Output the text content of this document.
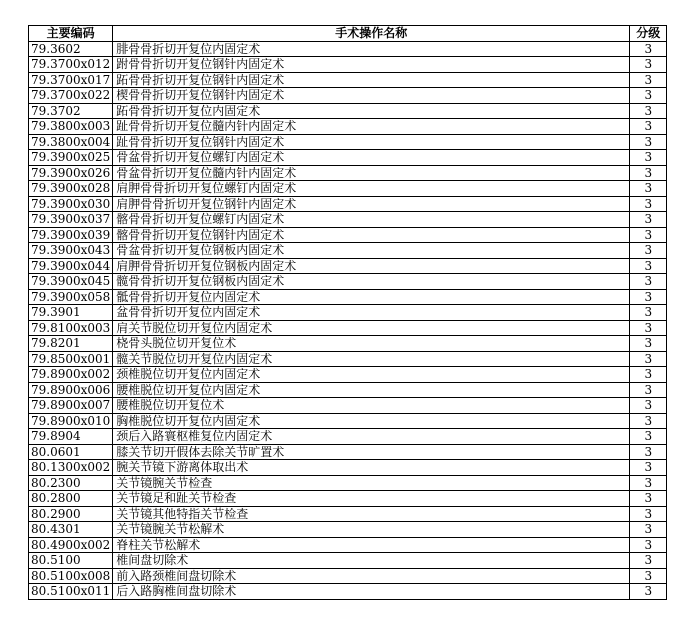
主要编码	手术操作名称	分级
79.3602	腓骨骨折切开复位内固定术	3
79.3700x012	跗骨骨折切开复位钢针内固定术	3
79.3700x017	跖骨骨折切开复位钢针内固定术	3
79.3700x022	楔骨骨折切开复位钢针内固定术	3
79.3702	跖骨骨折切开复位内固定术	3
79.3800x003	趾骨骨折切开复位髓内针内固定术	3
79.3800x004	趾骨骨折切开复位钢针内固定术	3
79.3900x025	骨盆骨折切开复位螺钉内固定术	3
79.3900x026	骨盆骨折切开复位髓内针内固定术	3
79.3900x028	肩胛骨骨折切开复位螺钉内固定术	3
79.3900x030	肩胛骨骨折切开复位钢针内固定术	3
79.3900x037	髂骨骨折切开复位螺钉内固定术	3
79.3900x039	髂骨骨折切开复位钢针内固定术	3
79.3900x043	骨盆骨折切开复位钢板内固定术	3
79.3900x044	肩胛骨骨折切开复位钢板内固定术	3
79.3900x045	髋骨骨折切开复位钢板内固定术	3
79.3900x058	骶骨骨折切开复位内固定术	3
79.3901	盆骨骨折切开复位内固定术	3
79.8100x003	肩关节脱位切开复位内固定术	3
79.8201	桡骨头脱位切开复位术	3
79.8500x001	髋关节脱位切开复位内固定术	3
79.8900x002	颈椎脱位切开复位内固定术	3
79.8900x006	腰椎脱位切开复位内固定术	3
79.8900x007	腰椎脱位切开复位术	3
79.8900x010	胸椎脱位切开复位内固定术	3
79.8904	颈后入路寰枢椎复位内固定术	3
80.0601	膝关节切开假体去除关节旷置术	3
80.1300x002	腕关节镜下游离体取出术	3
80.2300	关节镜腕关节检查	3
80.2800	关节镜足和趾关节检查	3
80.2900	关节镜其他特指关节检查	3
80.4301	关节镜腕关节松解术	3
80.4900x002	脊柱关节松解术	3
80.5100	椎间盘切除术	3
80.5100x008	前入路颈椎间盘切除术	3
80.5100x011	后入路胸椎间盘切除术	3
